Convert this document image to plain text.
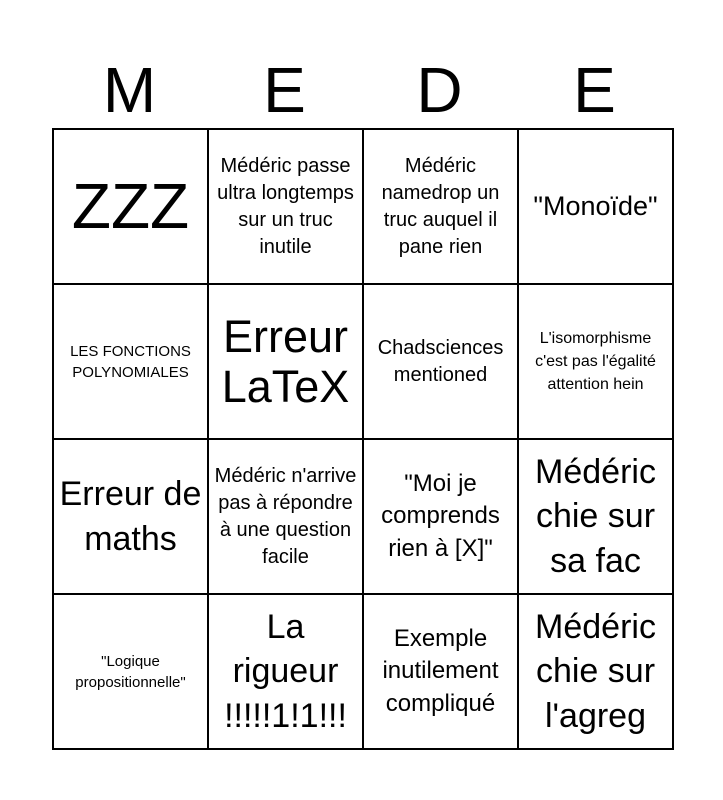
M	E	D	E
ZZZ	Médéric passe ultra longtemps sur un truc inutile	Médéric namedrop un truc auquel il pane rien	"Monoïde"

LES FONCTIONS POLYNOMIALES	Erreur LaTeX	Chadsciences mentioned	L'isomorphisme c'est pas l'égalité attention hein

Erreur de maths	Médéric n'arrive pas à répondre à une question facile	"Moi je comprends rien à [X]"	Médéric chie sur sa fac

"Logique propositionnelle"	La rigueur !!!!!1!1!!!	Exemple inutilement compliqué	Médéric chie sur l'agreg
